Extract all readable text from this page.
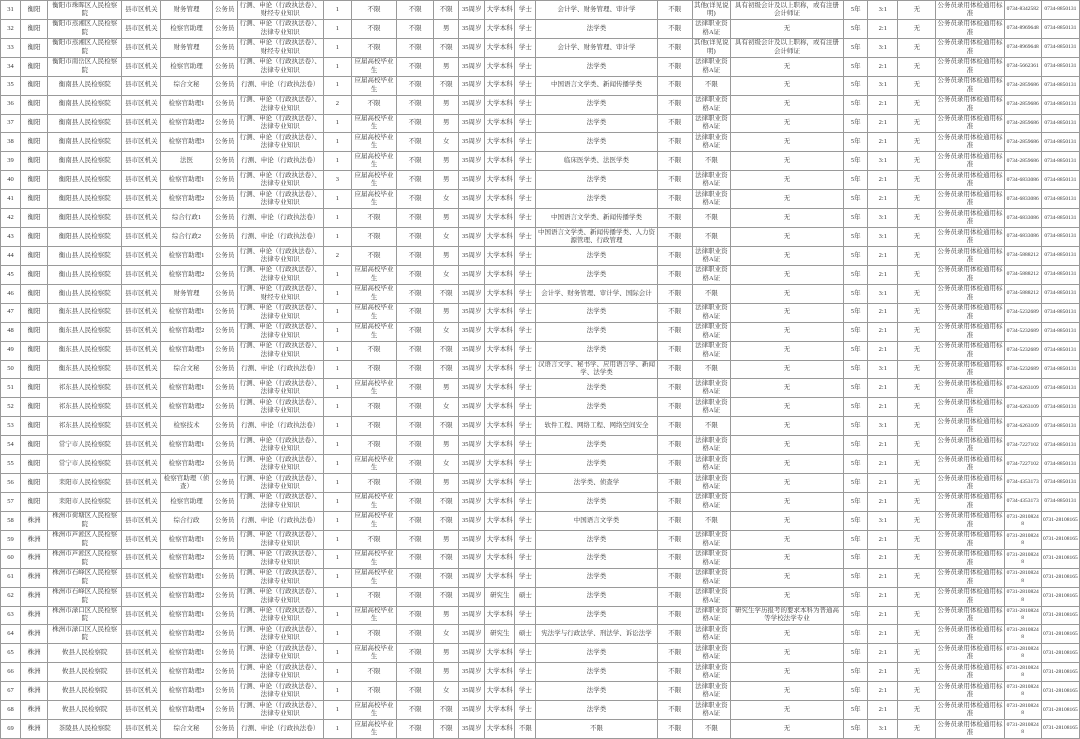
31	衡阳	衡阳市珠晖区人民检察院	县市区机关	财务管理	公务员	行测、申论（行政执法卷）、财经专业知识	1	不限	不限	不限	35周岁	大学本科	学士	会计学、财务管理、审计学	不限	其他(详见说明)	具有初级会计及以上职称，或有注册会计师证	5年	3:1	无	公务员录用体检通用标准	0734-8342582	0734-8850131
32	衡阳	衡阳市蒸湘区人民检察院	县市区机关	检察官助理	公务员	行测、申论（行政执法卷）、法律专业知识	1	不限	不限	男	35周岁	大学本科	学士	法学类	不限	法律职业资格A证	无	5年	2:1	无	公务员录用体检通用标准	0734-8969648	0734-8850131
33	衡阳	衡阳市蒸湘区人民检察院	县市区机关	财务管理	公务员	行测、申论（行政执法卷）、财经专业知识	1	不限	不限	不限	35周岁	大学本科	学士	会计学、财务管理、审计学	不限	其他(详见说明)	具有初级会计及以上职称，或有注册会计师证	5年	3:1	无	公务员录用体检通用标准	0734-8969648	0734-8850131
34	衡阳	衡阳市南岳区人民检察院	县市区机关	检察官助理	公务员	行测、申论（行政执法卷）、法律专业知识	1	应届高校毕业生	不限	男	35周岁	大学本科	学士	法学类	不限	法律职业资格A证	无	5年	2:1	无	公务员录用体检通用标准	0734-5662361	0734-8850131
35	衡阳	衡南县人民检察院	县市区机关	综合文秘	公务员	行测、申论（行政执法卷）	1	应届高校毕业生	不限	不限	35周岁	大学本科	学士	中国语言文学类、新闻传播学类	不限	不限	无	5年	3:1	无	公务员录用体检通用标准	0734-2859686	0734-8850131
36	衡阳	衡南县人民检察院	县市区机关	检察官助理1	公务员	行测、申论（行政执法卷）、法律专业知识	2	不限	不限	男	35周岁	大学本科	学士	法学类	不限	法律职业资格A证	无	5年	2:1	无	公务员录用体检通用标准	0734-2859686	0734-8850131
37	衡阳	衡南县人民检察院	县市区机关	检察官助理2	公务员	行测、申论（行政执法卷）、法律专业知识	1	应届高校毕业生	不限	男	35周岁	大学本科	学士	法学类	不限	法律职业资格A证	无	5年	2:1	无	公务员录用体检通用标准	0734-2859686	0734-8850131
38	衡阳	衡南县人民检察院	县市区机关	检察官助理3	公务员	行测、申论（行政执法卷）、法律专业知识	1	应届高校毕业生	不限	女	35周岁	大学本科	学士	法学类	不限	法律职业资格A证	无	5年	2:1	无	公务员录用体检通用标准	0734-2859686	0734-8850131
39	衡阳	衡南县人民检察院	县市区机关	法医	公务员	行测、申论（行政执法卷）	1	应届高校毕业生	不限	男	35周岁	大学本科	学士	临床医学类、法医学类	不限	不限	无	5年	3:1	无	公务员录用体检通用标准	0734-2859686	0734-8850131
40	衡阳	衡阳县人民检察院	县市区机关	检察官助理1	公务员	行测、申论（行政执法卷）、法律专业知识	3	应届高校毕业生	不限	男	35周岁	大学本科	学士	法学类	不限	法律职业资格A证	无	5年	2:1	无	公务员录用体检通用标准	0734-6833086	0734-8850131
41	衡阳	衡阳县人民检察院	县市区机关	检察官助理2	公务员	行测、申论（行政执法卷）、法律专业知识	1	应届高校毕业生	不限	女	35周岁	大学本科	学士	法学类	不限	法律职业资格A证	无	5年	2:1	无	公务员录用体检通用标准	0734-6833086	0734-8850131
42	衡阳	衡阳县人民检察院	县市区机关	综合行政1	公务员	行测、申论（行政执法卷）	1	不限	不限	男	35周岁	大学本科	学士	中国语言文学类、新闻传播学类	不限	不限	无	5年	3:1	无	公务员录用体检通用标准	0734-6833086	0734-8850131
43	衡阳	衡阳县人民检察院	县市区机关	综合行政2	公务员	行测、申论（行政执法卷）	1	不限	不限	女	35周岁	大学本科	学士	中国语言文学类、新闻传播学类、人力资源管理、行政管理	不限	不限	无	5年	3:1	无	公务员录用体检通用标准	0734-6833086	0734-8850131
44	衡阳	衡山县人民检察院	县市区机关	检察官助理1	公务员	行测、申论（行政执法卷）、法律专业知识	2	不限	不限	男	35周岁	大学本科	学士	法学类	不限	法律职业资格A证	无	5年	2:1	无	公务员录用体检通用标准	0734-5888212	0734-8850131
45	衡阳	衡山县人民检察院	县市区机关	检察官助理2	公务员	行测、申论（行政执法卷）、法律专业知识	1	应届高校毕业生	不限	女	35周岁	大学本科	学士	法学类	不限	法律职业资格A证	无	5年	2:1	无	公务员录用体检通用标准	0734-5888212	0734-8850131
46	衡阳	衡山县人民检察院	县市区机关	财务管理	公务员	行测、申论（行政执法卷）、财经专业知识	1	应届高校毕业生	不限	不限	35周岁	大学本科	学士	会计学、财务管理、审计学、国际会计	不限	不限	无	5年	3:1	无	公务员录用体检通用标准	0734-5888212	0734-8850131
47	衡阳	衡东县人民检察院	县市区机关	检察官助理1	公务员	行测、申论（行政执法卷）、法律专业知识	1	应届高校毕业生	不限	男	35周岁	大学本科	学士	法学类	不限	法律职业资格A证	无	5年	2:1	无	公务员录用体检通用标准	0734-5232689	0734-8850131
48	衡阳	衡东县人民检察院	县市区机关	检察官助理2	公务员	行测、申论（行政执法卷）、法律专业知识	1	应届高校毕业生	不限	女	35周岁	大学本科	学士	法学类	不限	法律职业资格A证	无	5年	2:1	无	公务员录用体检通用标准	0734-5232689	0734-8850131
49	衡阳	衡东县人民检察院	县市区机关	检察官助理3	公务员	行测、申论（行政执法卷）、法律专业知识	1	不限	不限	不限	35周岁	大学本科	学士	法学类	不限	法律职业资格A证	无	5年	2:1	无	公务员录用体检通用标准	0734-5232689	0734-8850131
50	衡阳	衡东县人民检察院	县市区机关	综合文秘	公务员	行测、申论（行政执法卷）	1	不限	不限	不限	35周岁	大学本科	学士	汉语言文学、秘书学、应用语言学、新闻学、法学类	不限	不限	无	5年	3:1	无	公务员录用体检通用标准	0734-5232689	0734-8850131
51	衡阳	祁东县人民检察院	县市区机关	检察官助理1	公务员	行测、申论（行政执法卷）、法律专业知识	1	应届高校毕业生	不限	男	35周岁	大学本科	学士	法学类	不限	法律职业资格A证	无	5年	2:1	无	公务员录用体检通用标准	0734-6263109	0734-8850131
52	衡阳	祁东县人民检察院	县市区机关	检察官助理2	公务员	行测、申论（行政执法卷）、法律专业知识	1	不限	不限	女	35周岁	大学本科	学士	法学类	不限	法律职业资格A证	无	5年	2:1	无	公务员录用体检通用标准	0734-6263109	0734-8850131
53	衡阳	祁东县人民检察院	县市区机关	检察技术	公务员	行测、申论（行政执法卷）	1	不限	不限	不限	35周岁	大学本科	学士	软件工程、网络工程、网络空间安全	不限	不限	无	5年	3:1	无	公务员录用体检通用标准	0734-6263109	0734-8850131
54	衡阳	常宁市人民检察院	县市区机关	检察官助理1	公务员	行测、申论（行政执法卷）、法律专业知识	1	不限	不限	男	35周岁	大学本科	学士	法学类	不限	法律职业资格A证	无	5年	2:1	无	公务员录用体检通用标准	0734-7227102	0734-8850131
55	衡阳	常宁市人民检察院	县市区机关	检察官助理2	公务员	行测、申论（行政执法卷）、法律专业知识	1	应届高校毕业生	不限	女	35周岁	大学本科	学士	法学类	不限	法律职业资格A证	无	5年	2:1	无	公务员录用体检通用标准	0734-7227102	0734-8850131
56	衡阳	耒阳市人民检察院	县市区机关	检察官助理（侦查）	公务员	行测、申论（行政执法卷）、法律专业知识	1	不限	不限	男	35周岁	大学本科	学士	法学类、侦查学	不限	法律职业资格A证	无	5年	2:1	无	公务员录用体检通用标准	0734-4353173	0734-8850131
57	衡阳	耒阳市人民检察院	县市区机关	检察官助理	公务员	行测、申论（行政执法卷）、法律专业知识	1	应届高校毕业生	不限	不限	35周岁	大学本科	学士	法学类	不限	法律职业资格A证	无	5年	2:1	无	公务员录用体检通用标准	0734-4353173	0734-8850131
58	株洲	株洲市荷塘区人民检察院	县市区机关	综合行政	公务员	行测、申论（行政执法卷）	1	应届高校毕业生	不限	不限	35周岁	大学本科	学士	中国语言文学类	不限	不限	无	5年	3:1	无	公务员录用体检通用标准	0731-28108248	0731-28108165
59	株洲	株洲市芦淞区人民检察院	县市区机关	检察官助理1	公务员	行测、申论（行政执法卷）、法律专业知识	1	不限	不限	男	35周岁	大学本科	学士	法学类	不限	法律职业资格A证	无	5年	2:1	无	公务员录用体检通用标准	0731-28108248	0731-28108165
60	株洲	株洲市芦淞区人民检察院	县市区机关	检察官助理2	公务员	行测、申论（行政执法卷）、法律专业知识	1	应届高校毕业生	不限	不限	35周岁	大学本科	学士	法学类	不限	法律职业资格A证	无	5年	2:1	无	公务员录用体检通用标准	0731-28108248	0731-28108165
61	株洲	株洲市石峰区人民检察院	县市区机关	检察官助理1	公务员	行测、申论（行政执法卷）、法律专业知识	1	应届高校毕业生	不限	不限	35周岁	大学本科	学士	法学类	不限	法律职业资格A证	无	5年	2:1	无	公务员录用体检通用标准	0731-28108248	0731-28108165
62	株洲	株洲市石峰区人民检察院	县市区机关	检察官助理2	公务员	行测、申论（行政执法卷）、法律专业知识	1	不限	不限	不限	35周岁	研究生	硕士	法学类	不限	法律职业资格A证	无	5年	2:1	无	公务员录用体检通用标准	0731-28108248	0731-28108165
63	株洲	株洲市渌口区人民检察院	县市区机关	检察官助理1	公务员	行测、申论（行政执法卷）、法律专业知识	1	应届高校毕业生	不限	男	35周岁	大学本科	学士	法学类	不限	法律职业资格A证	研究生学历报考的要求本科为普通高等学校法学专业	5年	2:1	无	公务员录用体检通用标准	0731-28108248	0731-28108165
64	株洲	株洲市渌口区人民检察院	县市区机关	检察官助理2	公务员	行测、申论（行政执法卷）、法律专业知识	1	不限	不限	女	35周岁	研究生	硕士	宪法学与行政法学、刑法学、诉讼法学	不限	法律职业资格A证	无	5年	2:1	无	公务员录用体检通用标准	0731-28108248	0731-28108165
65	株洲	攸县人民检察院	县市区机关	检察官助理1	公务员	行测、申论（行政执法卷）、法律专业知识	1	应届高校毕业生	不限	男	35周岁	大学本科	学士	法学类	不限	法律职业资格A证	无	5年	2:1	无	公务员录用体检通用标准	0731-28108248	0731-28108165
66	株洲	攸县人民检察院	县市区机关	检察官助理2	公务员	行测、申论（行政执法卷）、法律专业知识	1	不限	不限	男	35周岁	大学本科	学士	法学类	不限	法律职业资格A证	无	5年	2:1	无	公务员录用体检通用标准	0731-28108248	0731-28108165
67	株洲	攸县人民检察院	县市区机关	检察官助理3	公务员	行测、申论（行政执法卷）、法律专业知识	1	不限	不限	女	35周岁	大学本科	学士	法学类	不限	法律职业资格A证	无	5年	2:1	无	公务员录用体检通用标准	0731-28108248	0731-28108165
68	株洲	攸县人民检察院	县市区机关	检察官助理4	公务员	行测、申论（行政执法卷）、法律专业知识	1	应届高校毕业生	不限	不限	35周岁	大学本科	学士	法学类	不限	法律职业资格A证	无	5年	2:1	无	公务员录用体检通用标准	0731-28108248	0731-28108165
69	株洲	茶陵县人民检察院	县市区机关	综合文秘	公务员	行测、申论（行政执法卷）	1	应届高校毕业生	不限	不限	35周岁	大学本科	不限	不限	不限	不限	无	5年	3:1	无	公务员录用体检通用标准	0731-28108248	0731-28108165
